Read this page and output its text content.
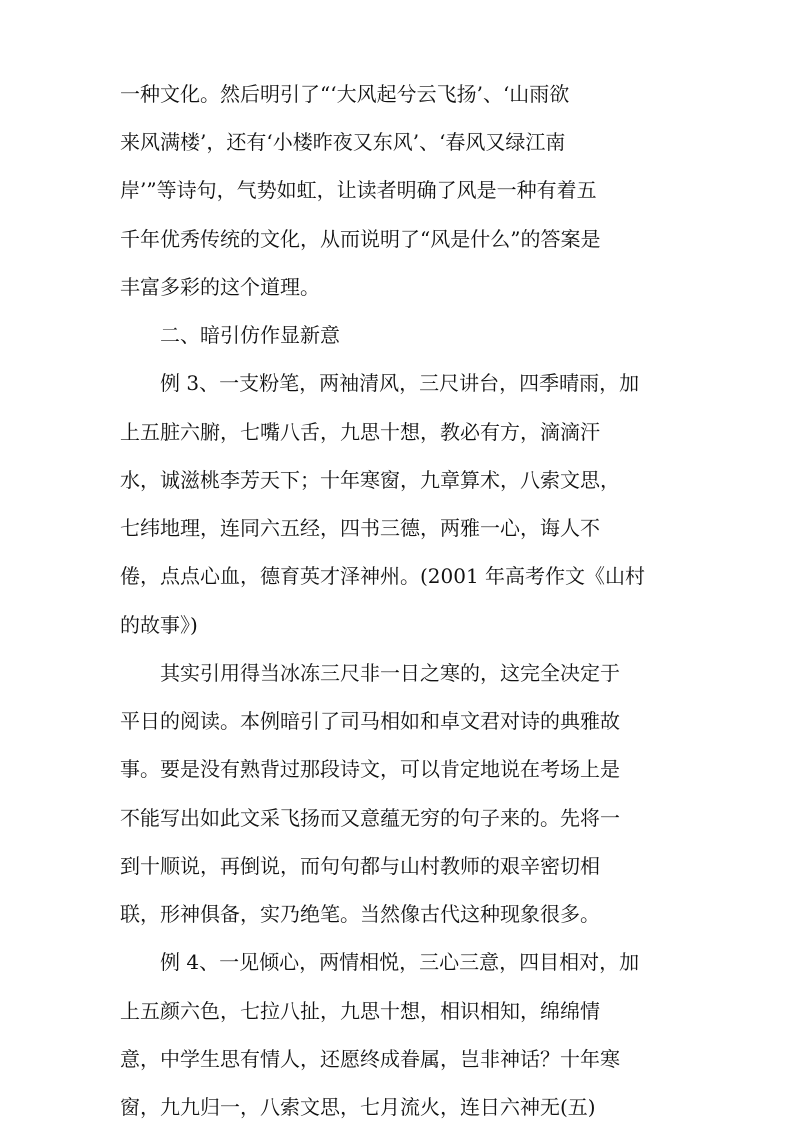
一种文化。然后明引了“‘大风起兮云飞扬’、‘山雨欲
来风满楼’，还有‘小楼昨夜又东风’、‘春风又绿江南
岸’”等诗句，气势如虹，让读者明确了风是一种有着五
千年优秀传统的文化，从而说明了“风是什么”的答案是
丰富多彩的这个道理。
　　二、暗引仿作显新意
　　例 3、一支粉笔，两袖清风，三尺讲台，四季晴雨，加
上五脏六腑，七嘴八舌，九思十想，教必有方，滴滴汗
水，诚滋桃李芳天下；十年寒窗，九章算术，八索文思，
七纬地理，连同六五经，四书三德，两雅一心，诲人不
倦，点点心血，德育英才泽神州。(2001 年高考作文《山村
的故事》)
　　其实引用得当冰冻三尺非一日之寒的，这完全决定于
平日的阅读。本例暗引了司马相如和卓文君对诗的典雅故
事。要是没有熟背过那段诗文，可以肯定地说在考场上是
不能写出如此文采飞扬而又意蕴无穷的句子来的。先将一
到十顺说，再倒说，而句句都与山村教师的艰辛密切相
联，形神俱备，实乃绝笔。当然像古代这种现象很多。
　　例 4、一见倾心，两情相悦，三心三意，四目相对，加
上五颜六色，七拉八扯，九思十想，相识相知，绵绵情
意，中学生思有情人，还愿终成眷属，岂非神话？十年寒
窗，九九归一，八索文思，七月流火，连日六神无(五)
